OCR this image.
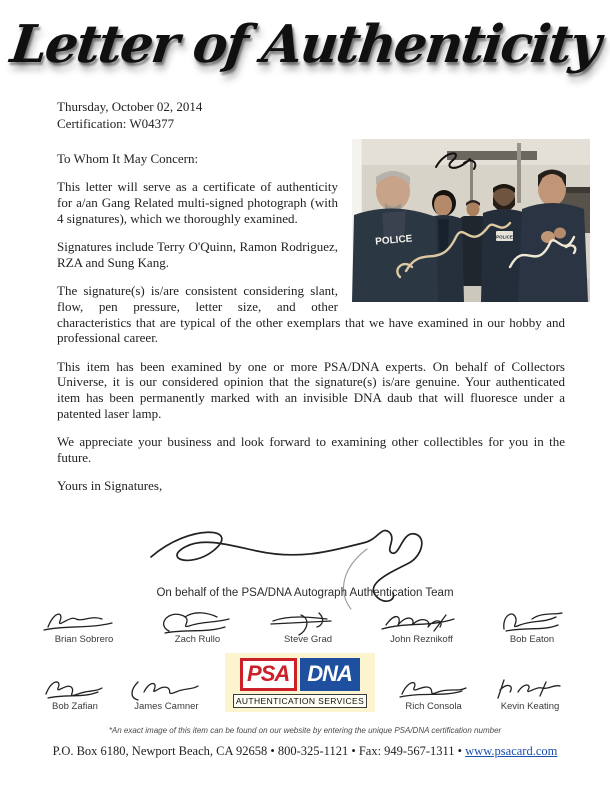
Letter of Authenticity
Thursday, October 02, 2014
Certification: W04377
POLICE
POLICE

To Whom It May Concern:

This letter will serve as a certificate of authenticity for a/an Gang Related multi-signed photograph (with 4 signatures), which we thoroughly examined.

Signatures include Terry O'Quinn, Ramon Rodriguez, RZA and Sung Kang.

The signature(s) is/are consistent considering slant, flow, pen pressure, letter size, and other characteristics that are typical of the other exemplars that we have examined in our hobby and professional career.

This item has been examined by one or more PSA/DNA experts. On behalf of Collectors Universe, it is our considered opinion that the signature(s) is/are genuine. Your authenticated item has been permanently marked with an invisible DNA daub that will fluoresce under a patented laser lamp.

We appreciate your business and look forward to examining other collectibles for you in the future.

Yours in Signatures,

On behalf of the PSA/DNA Autograph Authentication Team
Brian Sobrero	Zach Rullo	Steve Grad	John Reznikoff	Bob Eaton
Bob Zafian	James Camner
PSA DNA
AUTHENTICATION SERVICES	Rich Consola	Kevin Keating
*An exact image of this item can be found on our website by entering the unique PSA/DNA certification number
P.O. Box 6180, Newport Beach, CA 92658 • 800-325-1121 • Fax: 949-567-1311 • www.psacard.com
